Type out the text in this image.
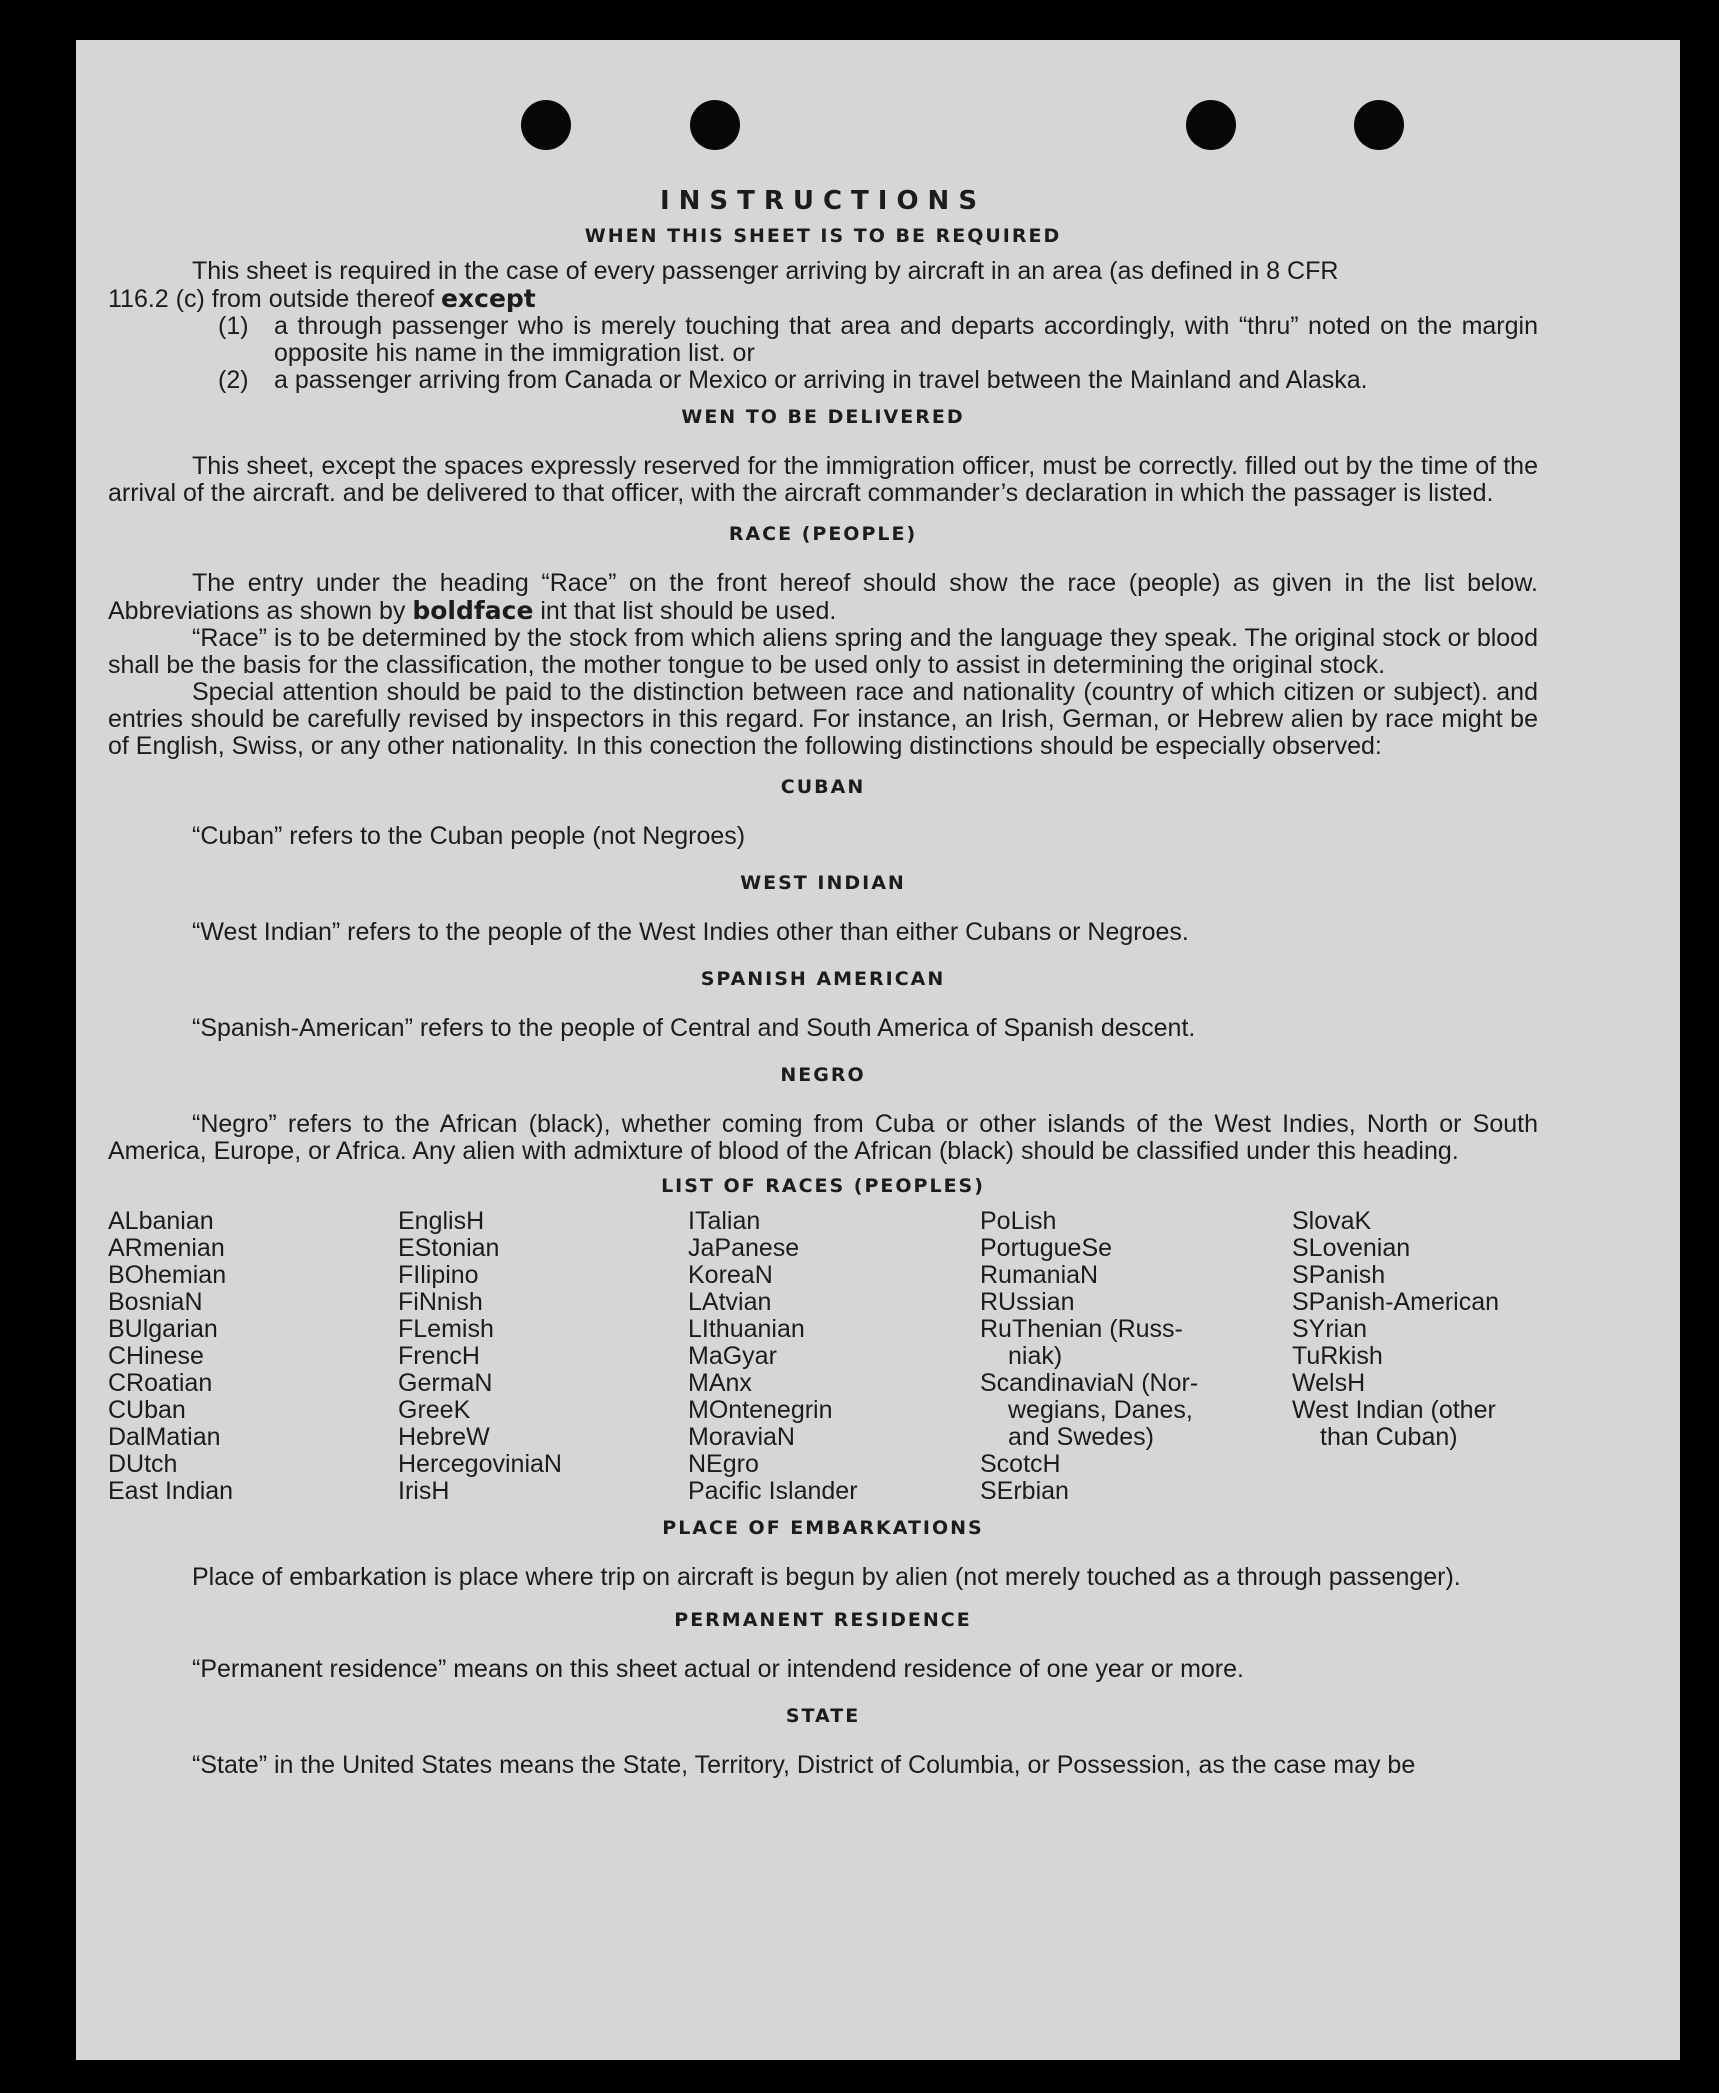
INSTRUCTIONS
WHEN THIS SHEET IS TO BE REQUIRED
This sheet is required in the case of every passenger arriving by aircraft in an area (as defined in 8 CFR
116.2 (c) from outside thereof except
(1)	a through passenger who is merely touching that area and departs accordingly, with “thru” noted on the margin opposite his name in the immigration list. or
(2)	a passenger arriving from Canada or Mexico or arriving in travel between the Mainland and Alaska.
WEN TO BE DELIVERED
This sheet, except the spaces expressly reserved for the immigration officer, must be correctly. filled out by the time of the arrival of the aircraft. and be delivered to that officer, with the aircraft commander’s declaration in which the passager is listed.
RACE (PEOPLE)
The entry under the heading “Race” on the front hereof should show the race (people) as given in the list below. Abbreviations as shown by boldface int that list should be used.
“Race” is to be determined by the stock from which aliens spring and the language they speak. The original stock or blood shall be the basis for the classification, the mother tongue to be used only to assist in determining the original stock.
Special attention should be paid to the distinction between race and nationality (country of which citizen or subject). and entries should be carefully revised by inspectors in this regard. For instance, an Irish, German, or Hebrew alien by race might be of English, Swiss, or any other nationality. In this conection the following distinctions should be especially observed:
CUBAN
“Cuban” refers to the Cuban people (not Negroes)
WEST INDIAN
“West Indian” refers to the people of the West Indies other than either Cubans or Negroes.
SPANISH AMERICAN
“Spanish-American” refers to the people of Central and South America of Spanish descent.
NEGRO
“Negro” refers to the African (black), whether coming from Cuba or other islands of the West Indies, North or South America, Europe, or Africa. Any alien with admixture of blood of the African (black) should be classified under this heading.
LIST OF RACES (PEOPLES)
ALbanian
ARmenian
BOhemian
BosniaN
BUlgarian
CHinese
CRoatian
CUban
DalMatian
DUtch
East Indian
EnglisH
EStonian
FIlipino
FiNnish
FLemish
FrencH
GermaN
GreeK
HebreW
HercegoviniaN
IrisH
ITalian
JaPanese
KoreaN
LAtvian
LIthuanian
MaGyar
MAnx
MOntenegrin
MoraviaN
NEgro
Pacific Islander
PoLish
PortugueSe
RumaniaN
RUssian
RuThenian (Russ-
niak)
ScandinaviaN (Nor-
wegians, Danes,
and Swedes)
ScotcH
SErbian
SlovaK
SLovenian
SPanish
SPanish-American
SYrian
TuRkish
WelsH
West Indian (other
than Cuban)
PLACE OF EMBARKATIONS
Place of embarkation is place where trip on aircraft is begun by alien (not merely touched as a through passenger).
PERMANENT RESIDENCE
“Permanent residence” means on this sheet actual or intendend residence of one year or more.
STATE
“State” in the United States means the State, Territory, District of Columbia, or Possession, as the case may be
